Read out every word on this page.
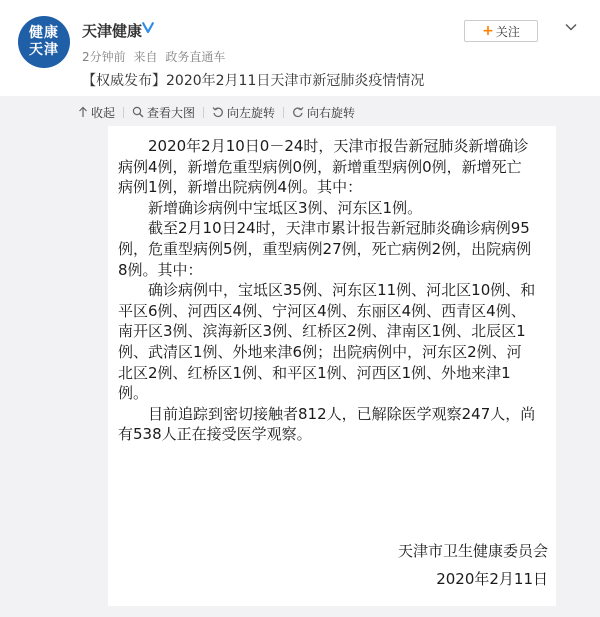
健康
天津
天津健康
2分钟前 来自 政务直通车
+ 关注
【权威发布】2020年2月11日天津市新冠肺炎疫情情况
收起	查看大图	向左旋转	向右旋转

2020年2月10日0－24时，天津市报告新冠肺炎新增确诊病例4例，新增危重型病例0例，新增重型病例0例，新增死亡病例1例，新增出院病例4例。其中：

新增确诊病例中宝坻区3例、河东区1例。

截至2月10日24时，天津市累计报告新冠肺炎确诊病例95例，危重型病例5例，重型病例27例，死亡病例2例，出院病例8例。其中：

确诊病例中，宝坻区35例、河东区11例、河北区10例、和平区6例、河西区4例、宁河区4例、东丽区4例、西青区4例、南开区3例、滨海新区3例、红桥区2例、津南区1例、北辰区1例、武清区1例、外地来津6例；出院病例中，河东区2例、河北区2例、红桥区1例、和平区1例、河西区1例、外地来津1例。

目前追踪到密切接触者812人，已解除医学观察247人，尚有538人正在接受医学观察。

天津市卫生健康委员会
2020年2月11日
